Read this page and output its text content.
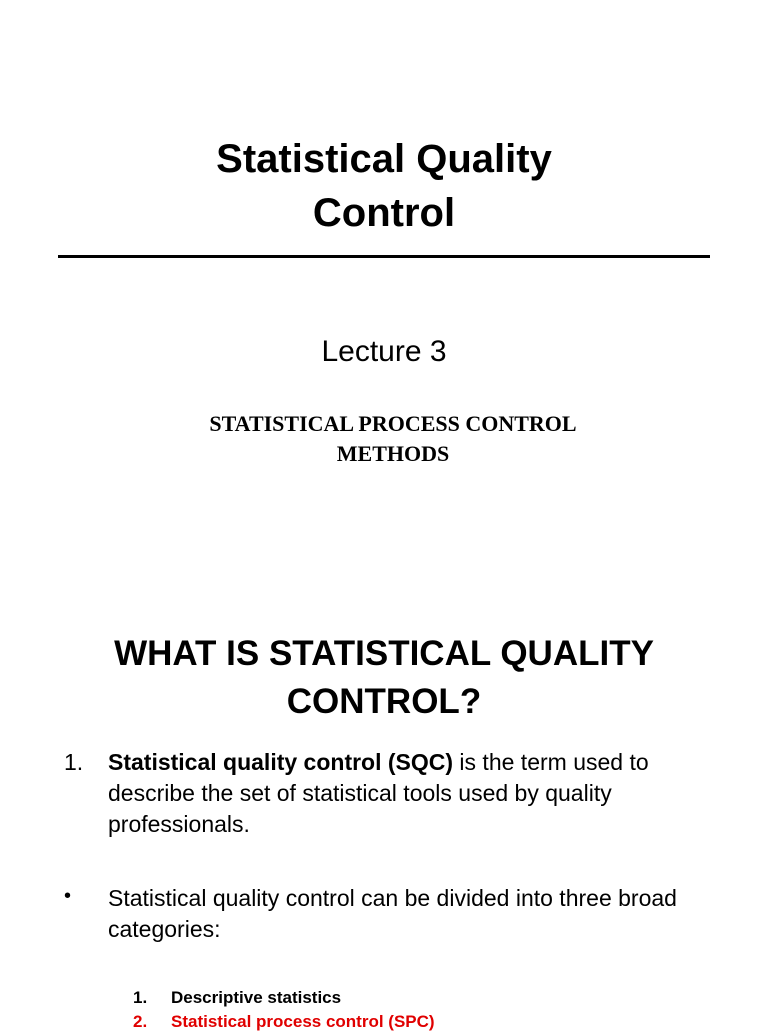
Statistical Quality
Control
Lecture 3
STATISTICAL PROCESS CONTROL
METHODS
WHAT IS STATISTICAL QUALITY
CONTROL?
1. Statistical quality control (SQC) is the term used to describe the set of statistical tools used by quality professionals.
• Statistical quality control can be divided into three broad categories:
1. Descriptive statistics
2. Statistical process control (SPC)
